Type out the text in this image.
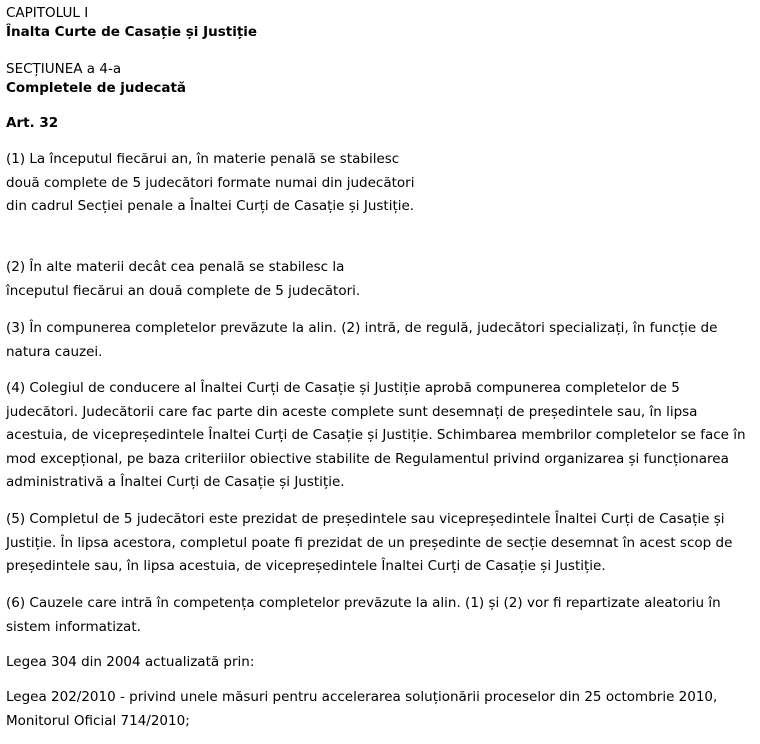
CAPITOLUL I
Înalta Curte de Casație și Justiție
SECȚIUNEA a 4-a
Completele de judecată
Art. 32

(1) La începutul fiecărui an, în materie penală se stabilesc două complete de 5 judecători formate numai din judecători din cadrul Secției penale a Înaltei Curți de Casație și Justiție.

(2) În alte materii decât cea penală se stabilesc la începutul fiecărui an două complete de 5 judecători.

(3) În compunerea completelor prevăzute la alin. (2) intră, de regulă, judecători specializați, în funcție de natura cauzei.

(4) Colegiul de conducere al Înaltei Curți de Casație și Justiție aprobă compunerea completelor de 5 judecători. Judecătorii care fac parte din aceste complete sunt desemnați de președintele sau, în lipsa acestuia, de vicepreședintele Înaltei Curți de Casație și Justiție. Schimbarea membrilor completelor se face în mod excepțional, pe baza criteriilor obiective stabilite de Regulamentul privind organizarea și funcționarea administrativă a Înaltei Curți de Casație și Justiție.

(5) Completul de 5 judecători este prezidat de președintele sau vicepreședintele Înaltei Curți de Casație și Justiție. În lipsa acestora, completul poate fi prezidat de un președinte de secție desemnat în acest scop de președintele sau, în lipsa acestuia, de vicepreședintele Înaltei Curți de Casație și Justiție.

(6) Cauzele care intră în competența completelor prevăzute la alin. (1) și (2) vor fi repartizate aleatoriu în sistem informatizat.

Legea 304 din 2004 actualizată prin:

Legea 202/2010 - privind unele măsuri pentru accelerarea soluționării proceselor din 25 octombrie 2010, Monitorul Oficial 714/2010;
